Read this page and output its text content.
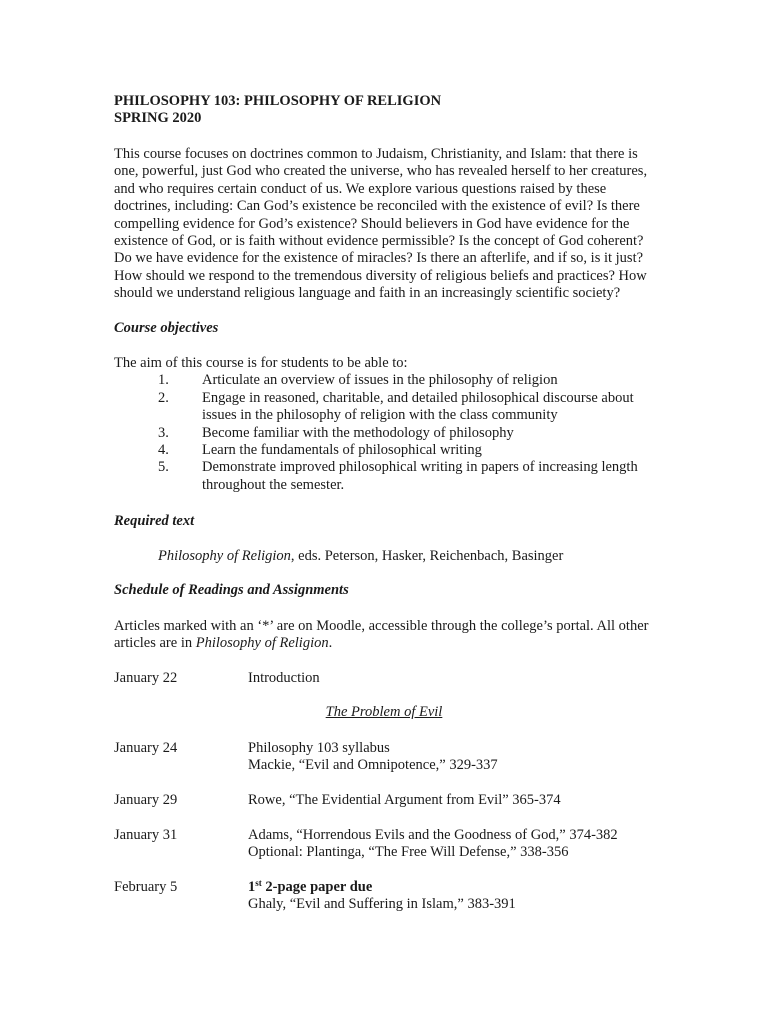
PHILOSOPHY 103: PHILOSOPHY OF RELIGION
SPRING 2020

This course focuses on doctrines common to Judaism, Christianity, and Islam: that there is one, powerful, just God who created the universe, who has revealed herself to her creatures, and who requires certain conduct of us. We explore various questions raised by these doctrines, including: Can God’s existence be reconciled with the existence of evil? Is there compelling evidence for God’s existence? Should believers in God have evidence for the existence of God, or is faith without evidence permissible? Is the concept of God coherent? Do we have evidence for the existence of miracles? Is there an afterlife, and if so, is it just? How should we respond to the tremendous diversity of religious beliefs and practices? How should we understand religious language and faith in an increasingly scientific society?

Course objectives
The aim of this course is for students to be able to:
1.	Articulate an overview of issues in the philosophy of religion
2.	Engage in reasoned, charitable, and detailed philosophical discourse about issues in the philosophy of religion with the class community
3.	Become familiar with the methodology of philosophy
4.	Learn the fundamentals of philosophical writing
5.	Demonstrate improved philosophical writing in papers of increasing length throughout the semester.
Required text
Philosophy of Religion, eds. Peterson, Hasker, Reichenbach, Basinger
Schedule of Readings and Assignments

Articles marked with an ‘*’ are on Moodle, accessible through the college’s portal. All other articles are in Philosophy of Religion.

January 22	Introduction
The Problem of Evil
January 24	Philosophy 103 syllabus
Mackie, “Evil and Omnipotence,” 329-337
January 29	Rowe, “The Evidential Argument from Evil” 365-374
January 31	Adams, “Horrendous Evils and the Goodness of God,” 374-382
Optional: Plantinga, “The Free Will Defense,” 338-356
February 5	1st 2-page paper due
Ghaly, “Evil and Suffering in Islam,” 383-391
